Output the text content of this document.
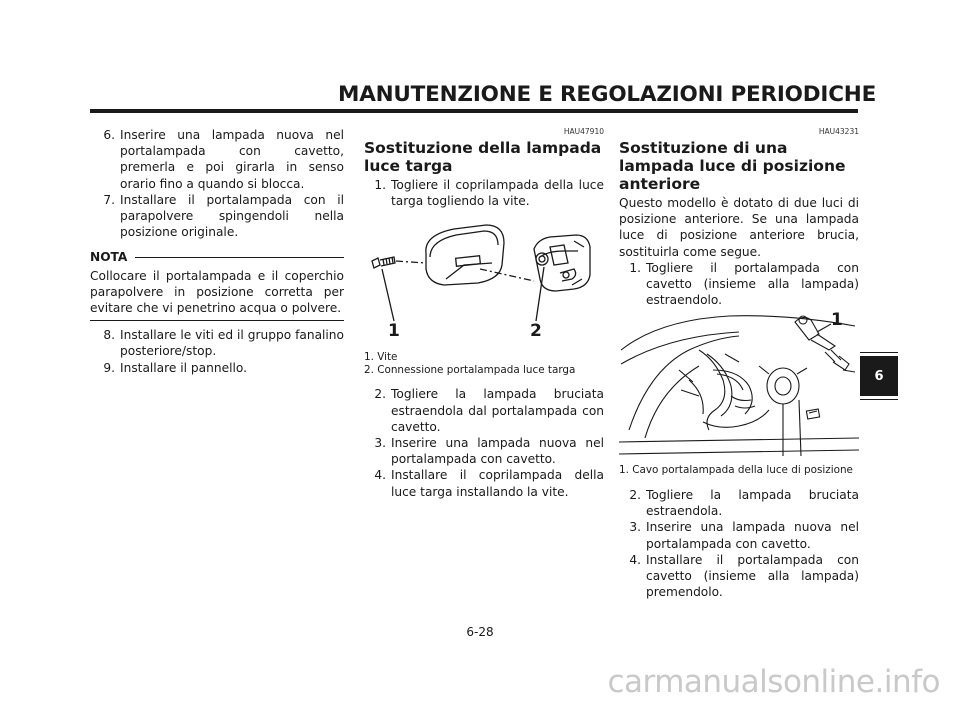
MANUTENZIONE E REGOLAZIONI PERIODICHE
6. Inserire una lampada nuova nel portalampada con cavetto, premerla e poi girarla in senso orario fino a quando si blocca.
7. Installare il portalampada con il parapolvere spingendoli nella posizione originale.
NOTA

Collocare il portalampada e il coperchio parapolvere in posizione corretta per evitare che vi penetrino acqua o polvere.

8. Installare le viti ed il gruppo fanalino posteriore/stop.
9. Installare il pannello.
HAU47910
Sostituzione della lampada luce targa
1. Togliere il coprilampada della luce targa togliendo la vite.
1	2
1. Vite
2. Connessione portalampada luce targa
2. Togliere la lampada bruciata estraendola dal portalampada con cavetto.
3. Inserire una lampada nuova nel portalampada con cavetto.
4. Installare il coprilampada della luce targa installando la vite.
HAU43231
Sostituzione di una lampada luce di posizione anteriore

Questo modello è dotato di due luci di posizione anteriore. Se una lampada luce di posizione anteriore brucia, sostituirla come segue.

1. Togliere il portalampada con cavetto (insieme alla lampada) estraendolo.
1
1. Cavo portalampada della luce di posizione
2. Togliere la lampada bruciata estraendola.
3. Inserire una lampada nuova nel portalampada con cavetto.
4. Installare il portalampada con cavetto (insieme alla lampada) premendolo.
6
6-28
carmanualsonline.info
